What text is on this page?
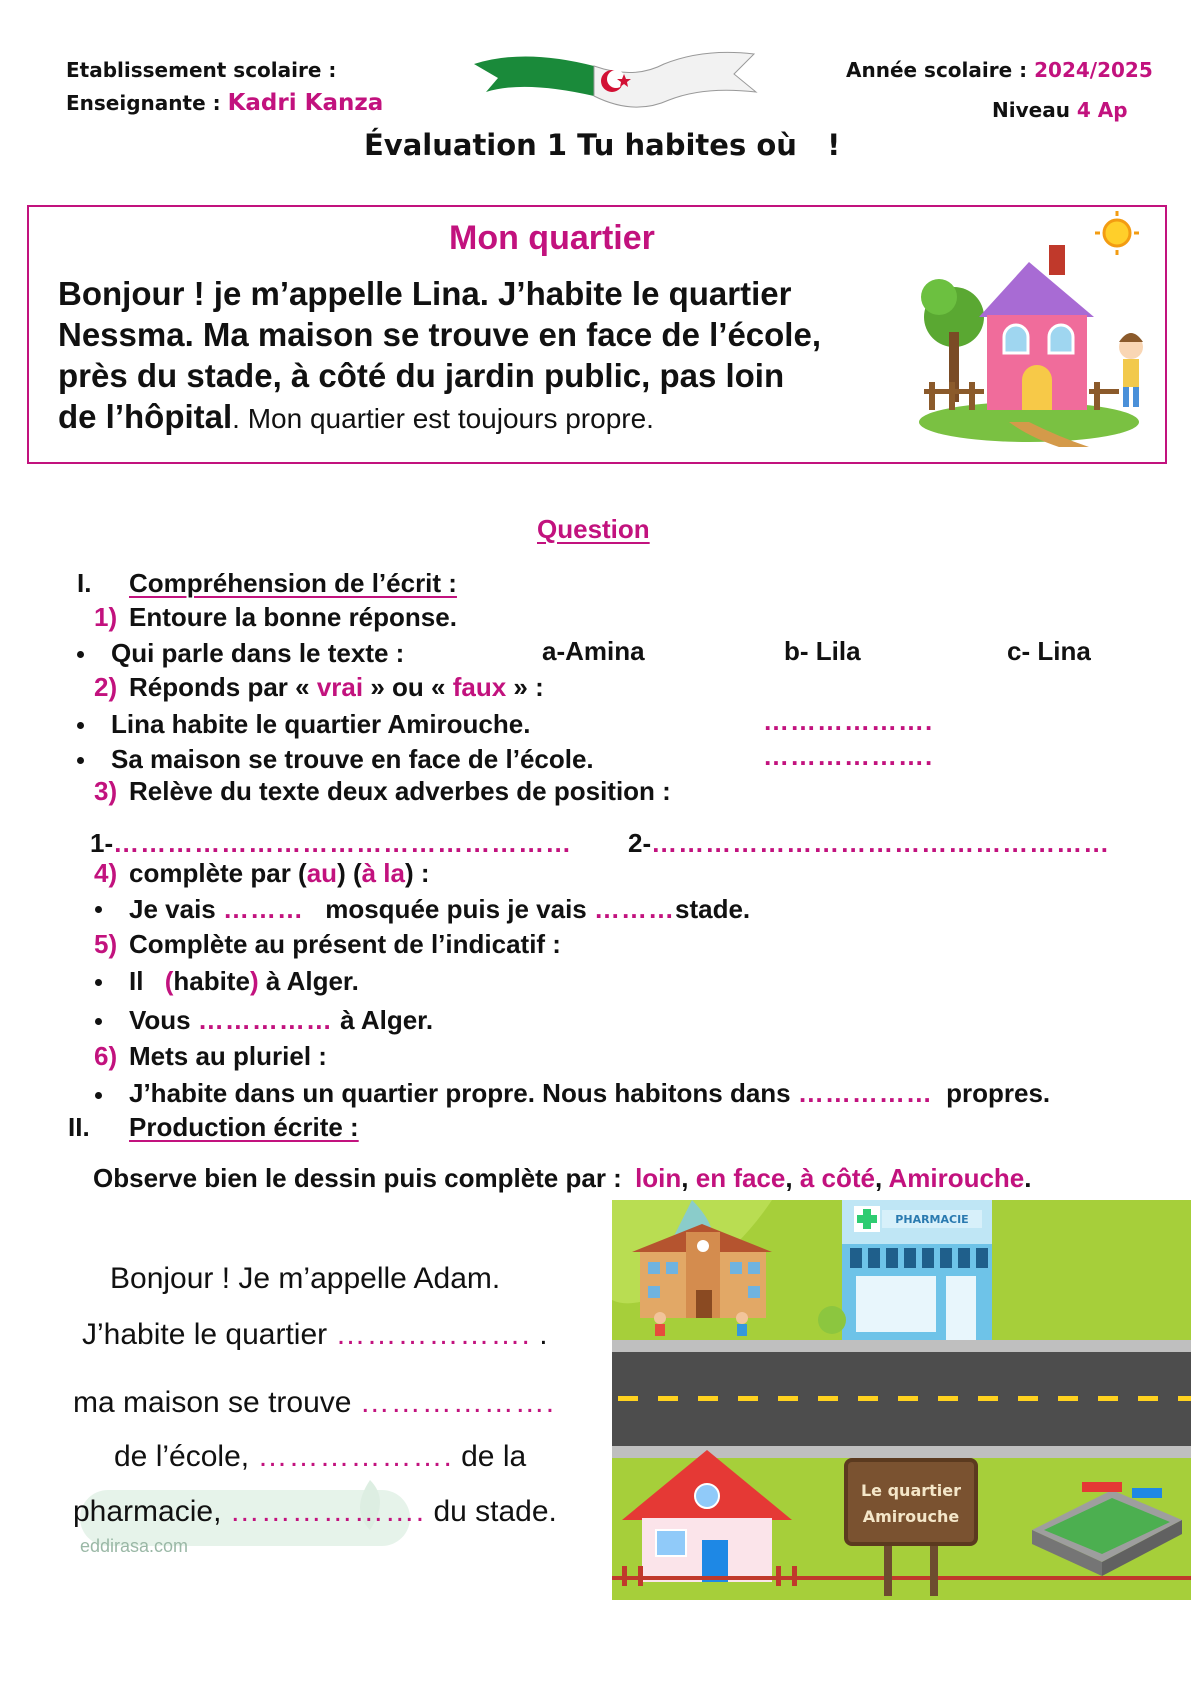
Etablissement scolaire :
Enseignante : Kadri Kanza
Année scolaire : 2024/2025
Niveau 4 Ap
Évaluation 1 Tu habites où   !
Mon quartier
Bonjour ! je m’appelle Lina. J’habite le quartier
Nessma. Ma maison se trouve en face de l’école,
près du stade, à côté du jardin public, pas loin
de l’hôpital. Mon quartier est toujours propre.
Question
I. Compréhension de l’écrit :
1) Entoure la bonne réponse.
Qui parle dans le texte :	a-Amina	b- Lila	c- Lina
2) Réponds par « vrai » ou « faux » :
Lina habite le quartier Amirouche.	……………….
Sa maison se trouve en face de l’école.	……………….
3) Relève du texte deux adverbes de position :
1-…………………………………………… 2-……………………………………………
4) complète par (au) (à la) :
Je vais ……… mosquée puis je vais ………stade.
5) Complète au présent de l’indicatif :
Il (habite) à Alger.
Vous …………… à Alger.
6) Mets au pluriel :
J’habite dans un quartier propre. Nous habitons dans …………… propres.
II. Production écrite :
Observe bien le dessin puis complète par : loin, en face, à côté, Amirouche.
eddirasa.com
Bonjour ! Je m’appelle Adam.
J’habite le quartier ………………. .
ma maison se trouve ……………….
de l’école, ………………. de la
pharmacie, ………………. du stade.
PHARMACIE
Le quartier
Amirouche
